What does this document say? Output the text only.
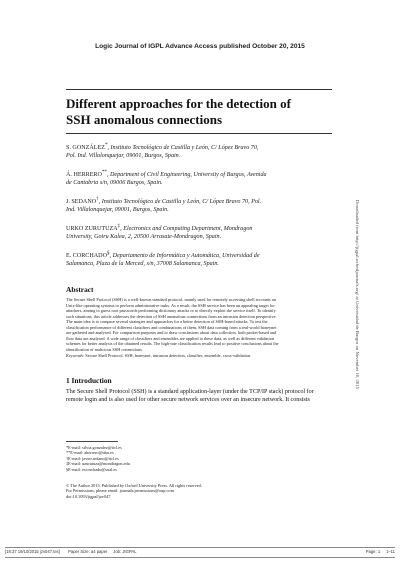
Logic Journal of IGPL Advance Access published October 20, 2015
Different approaches for the detection of
SSH anomalous connections
S. GONZÁLEZ*, Instituto Tecnológico de Castilla y León, C/ López Bravo 70,
Pol. Ind. Villalonquejar, 09001, Burgos, Spain.
Á. HERRERO**, Department of Civil Engineering, University of Burgos, Avenida
de Cantabria s/n, 09006 Burgos, Spain.
J. SEDANO†, Instituto Tecnológico de Castilla y León, C/ López Bravo 70, Pol.
Ind. Villalonquejar, 09001, Burgos, Spain.
URKO ZURUTUZA‡, Electronics and Computing Department, Mondragon
University, Goiru Kalea, 2, 20500 Arrasate-Mondragon, Spain.
E. CORCHADO§, Departamento de Informática y Automática, Universidad de
Salamanca, Plaza de la Merced, s/n, 37008 Salamanca, Spain.	Downloaded from http://jigpal.oxfordjournals.org/ at Universidad de Burgos on November 10, 2015
Abstract
The Secure Shell Protocol (SSH) is a well-known standard protocol, mainly used for remotely accessing shell accounts on
Unix-like operating systems to perform administrative tasks. As a result, the SSH service has been an appealing target for
attackers, aiming to guess root passwords performing dictionary attacks or to directly exploit the service itself. To identify
such situations, this article addresses the detection of SSH anomalous connections from an intrusion detection perspective.
The main idea is to compare several strategies and approaches for a better detection of SSH-based attacks. To test the
classification performance of different classifiers and combinations of them, SSH data coming from a real-world honeynet
are gathered and analysed. For comparison purposes and to draw conclusions about data collection, both packet-based and
flow data are analysed. A wide range of classifiers and ensembles are applied to these data, as well as different validation
schemes for better analysis of the obtained results. The high-rate classification results lead to positive conclusions about the
identification of malicious SSH connections.
Keywords: Secure Shell Protocol, SSH, honeynet, intrusion detection, classifier, ensemble, cross-validation.
1 Introduction
The Secure Shell Protocol (SSH) is a standard application-layer (under the TCP/IP stack) protocol for
remote login and is also used for other secure network services over an insecure network. It consists
*E-mail: silvia.gonzalez@itcl.es
**E-mail: aherrero@ubu.es
†E-mail: javier.sedano@itcl.es
‡E-mail: uzurutuza@mondragon.edu
§E-mail: escorchado@usal.es
© The Author 2015. Published by Oxford University Press. All rights reserved.
For Permissions, please email: journals.permissions@oup.com
doi:10.1093/jigpal/jzv047
[18:37 19/10/2015 jzv047.tex]       Paper Size: a4 paper     Job: JIGPAL	Page: 1     1–11
